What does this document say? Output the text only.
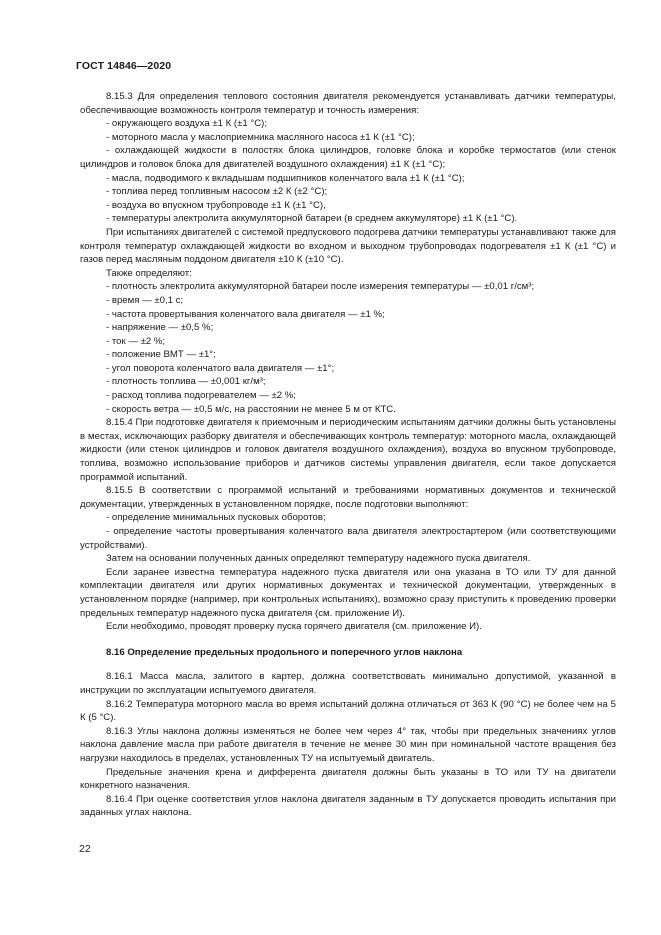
ГОСТ 14846—2020

8.15.3 Для определения теплового состояния двигателя рекомендуется устанавливать датчики температуры, обеспечивающие возможность контроля температур и точность измерения:

- окружающего воздуха ±1 К (±1 °С);

- моторного масла у маслоприемника масляного насоса ±1 К (±1 °С);

- охлаждающей жидкости в полостях блока цилиндров, головке блока и коробке термостатов (или стенок цилиндров и головок блока для двигателей воздушного охлаждения) ±1 К (±1 °С);

- масла, подводимого к вкладышам подшипников коленчатого вала ±1 К (±1 °С);

- топлива перед топливным насосом ±2 К (±2 °С);

- воздуха во впускном трубопроводе ±1 К (±1 °С),

- температуры электролита аккумуляторной батареи (в среднем аккумуляторе) ±1 К (±1 °С).

При испытаниях двигателей с системой предпускового подогрева датчики температуры устанавливают также для контроля температур охлаждающей жидкости во входном и выходном трубопроводах подогревателя ±1 К (±1 °С) и газов перед масляным поддоном двигателя ±10 К (±10 °С).

Также определяют:

- плотность электролита аккумуляторной батареи после измерения температуры — ±0,01 г/см³;

- время — ±0,1 с;

- частота провертывания коленчатого вала двигателя — ±1 %;

- напряжение — ±0,5 %;

- ток — ±2 %;

- положение ВМТ — ±1°;

- угол поворота коленчатого вала двигателя — ±1°;

- плотность топлива — ±0,001 кг/м³;

- расход топлива подогревателем — ±2 %;

- скорость ветра — ±0,5 м/с, на расстоянии не менее 5 м от КТС.

8.15.4 При подготовке двигателя к приемочным и периодическим испытаниям датчики должны быть установлены в местах, исключающих разборку двигателя и обеспечивающих контроль температур: моторного масла, охлаждающей жидкости (или стенок цилиндров и головок двигателя воздушного охлаждения), воздуха во впускном трубопроводе, топлива, возможно использование приборов и датчиков системы управления двигателя, если такое допускается программой испытаний.

8.15.5 В соответствии с программой испытаний и требованиями нормативных документов и технической документации, утвержденных в установленном порядке, после подготовки выполняют:

- определение минимальных пусковых оборотов;

- определение частоты провертывания коленчатого вала двигателя электростартером (или соответствующими устройствами).

Затем на основании полученных данных определяют температуру надежного пуска двигателя.

Если заранее известна температура надежного пуска двигателя или она указана в ТО или ТУ для данной комплектации двигателя или других нормативных документах и технической документации, утвержденных в установленном порядке (например, при контрольных испытаниях), возможно сразу приступить к проведению проверки предельных температур надежного пуска двигателя (см. приложение И).

Если необходимо, проводят проверку пуска горячего двигателя (см. приложение И).

8.16 Определение предельных продольного и поперечного углов наклона

8.16.1 Масса масла, залитого в картер, должна соответствовать минимально допустимой, указанной в инструкции по эксплуатации испытуемого двигателя.

8.16.2 Температура моторного масла во время испытаний должна отличаться от 363 К (90 °С) не более чем на 5 К (5 °С).

8.16.3 Углы наклона должны изменяться не более чем через 4° так, чтобы при предельных значениях углов наклона давление масла при работе двигателя в течение не менее 30 мин при номинальной частоте вращения без нагрузки находилось в пределах, установленных ТУ на испытуемый двигатель.

Предельные значения крена и дифферента двигателя должны быть указаны в ТО или ТУ на двигатели конкретного назначения.

8.16.4 При оценке соответствия углов наклона двигателя заданным в ТУ допускается проводить испытания при заданных углах наклона.

22
